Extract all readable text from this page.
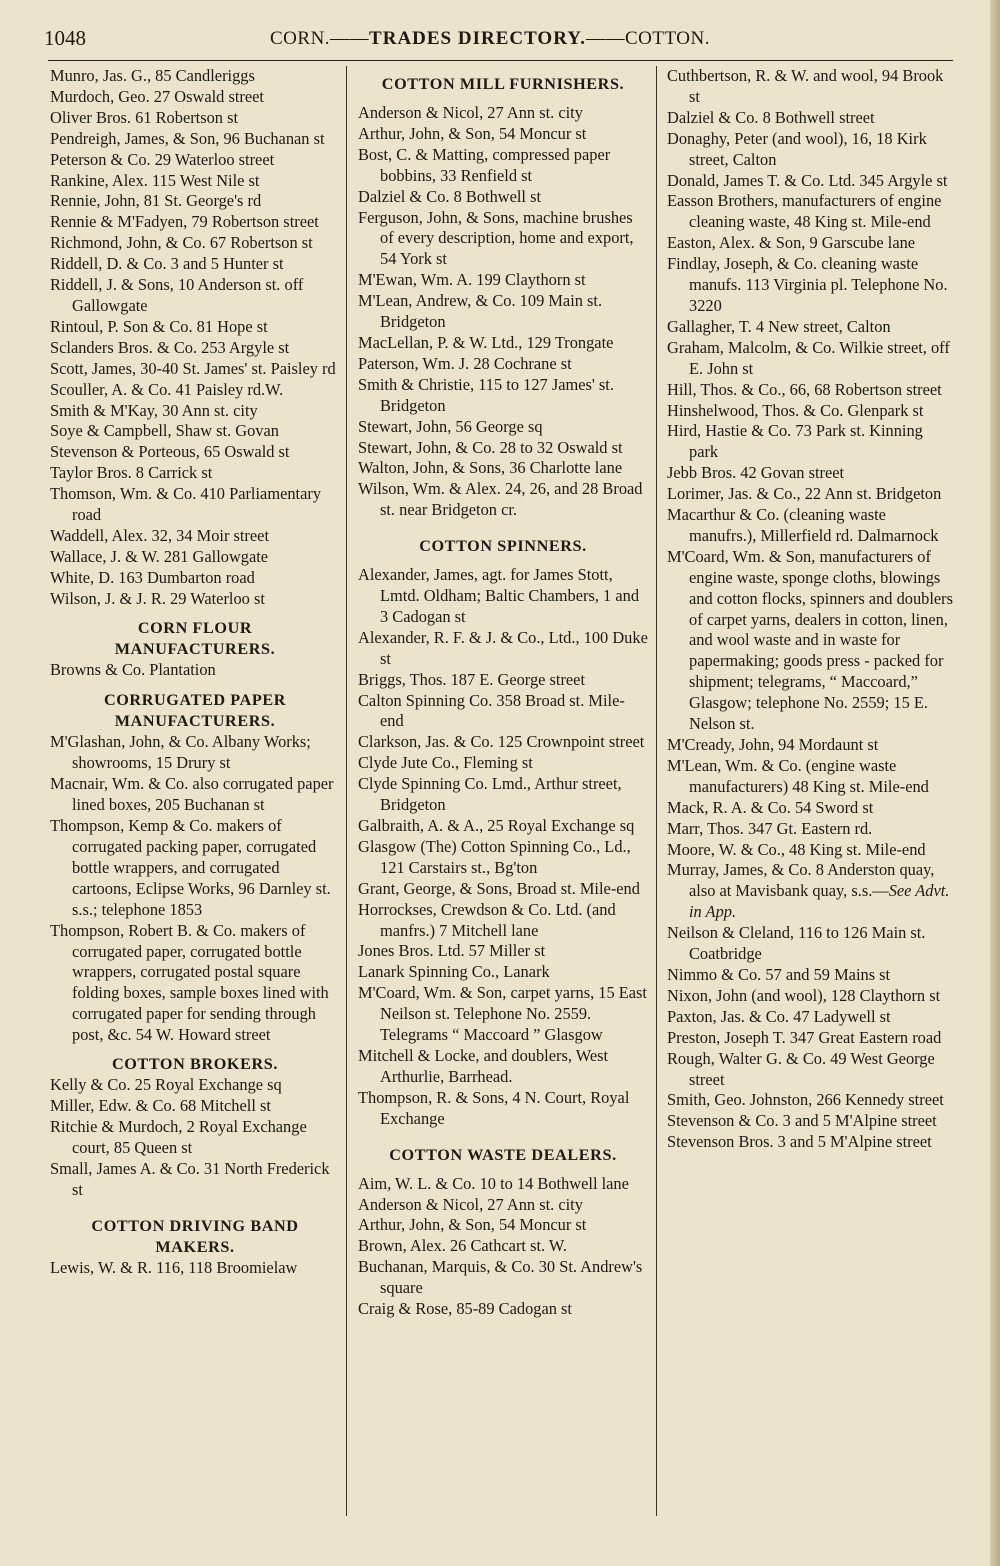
1048	CORN.——TRADES DIRECTORY.——COTTON.
Munro, Jas. G., 85 Candleriggs
Murdoch, Geo. 27 Oswald street
Oliver Bros. 61 Robertson st
Pendreigh, James, & Son, 96 Buchanan st
Peterson & Co. 29 Waterloo street
Rankine, Alex. 115 West Nile st
Rennie, John, 81 St. George's rd
Rennie & M'Fadyen, 79 Robertson street
Richmond, John, & Co. 67 Robertson st
Riddell, D. & Co. 3 and 5 Hunter st
Riddell, J. & Sons, 10 Anderson st. off Gallowgate
Rintoul, P. Son & Co. 81 Hope st
Sclanders Bros. & Co. 253 Argyle st
Scott, James, 30-40 St. James' st. Paisley rd
Scouller, A. & Co. 41 Paisley rd.W.
Smith & M'Kay, 30 Ann st. city
Soye & Campbell, Shaw st. Govan
Stevenson & Porteous, 65 Oswald st
Taylor Bros. 8 Carrick st
Thomson, Wm. & Co. 410 Parliamentary road
Waddell, Alex. 32, 34 Moir street
Wallace, J. & W. 281 Gallowgate
White, D. 163 Dumbarton road
Wilson, J. & J. R. 29 Waterloo st
CORN FLOUR
MANUFACTURERS.
Browns & Co. Plantation
CORRUGATED PAPER
MANUFACTURERS.
M'Glashan, John, & Co. Albany Works; showrooms, 15 Drury st
Macnair, Wm. & Co. also corrugated paper lined boxes, 205 Buchanan st
Thompson, Kemp & Co. makers of corrugated packing paper, corrugated bottle wrappers, and corrugated cartoons, Eclipse Works, 96 Darnley st. s.s.; telephone 1853
Thompson, Robert B. & Co. makers of corrugated paper, corrugated bottle wrappers, corrugated postal square folding boxes, sample boxes lined with corrugated paper for sending through post, &c. 54 W. Howard street
COTTON BROKERS.
Kelly & Co. 25 Royal Exchange sq
Miller, Edw. & Co. 68 Mitchell st
Ritchie & Murdoch, 2 Royal Exchange court, 85 Queen st
Small, James A. & Co. 31 North Frederick st
COTTON DRIVING BAND
MAKERS.
Lewis, W. & R. 116, 118 Broomielaw
COTTON MILL FURNISHERS.
Anderson & Nicol, 27 Ann st. city
Arthur, John, & Son, 54 Moncur st
Bost, C. & Matting, compressed paper bobbins, 33 Renfield st
Dalziel & Co. 8 Bothwell st
Ferguson, John, & Sons, machine brushes of every description, home and export, 54 York st
M'Ewan, Wm. A. 199 Claythorn st
M'Lean, Andrew, & Co. 109 Main st. Bridgeton
MacLellan, P. & W. Ltd., 129 Trongate
Paterson, Wm. J. 28 Cochrane st
Smith & Christie, 115 to 127 James' st. Bridgeton
Stewart, John, 56 George sq
Stewart, John, & Co. 28 to 32 Oswald st
Walton, John, & Sons, 36 Charlotte lane
Wilson, Wm. & Alex. 24, 26, and 28 Broad st. near Bridgeton cr.
COTTON SPINNERS.
Alexander, James, agt. for James Stott, Lmtd. Oldham; Baltic Chambers, 1 and 3 Cadogan st
Alexander, R. F. & J. & Co., Ltd., 100 Duke st
Briggs, Thos. 187 E. George street
Calton Spinning Co. 358 Broad st. Mile-end
Clarkson, Jas. & Co. 125 Crownpoint street
Clyde Jute Co., Fleming st
Clyde Spinning Co. Lmd., Arthur street, Bridgeton
Galbraith, A. & A., 25 Royal Exchange sq
Glasgow (The) Cotton Spinning Co., Ld., 121 Carstairs st., Bg'ton
Grant, George, & Sons, Broad st. Mile-end
Horrockses, Crewdson & Co. Ltd. (and manfrs.) 7 Mitchell lane
Jones Bros. Ltd. 57 Miller st
Lanark Spinning Co., Lanark
M'Coard, Wm. & Son, carpet yarns, 15 East Neilson st. Telephone No. 2559. Telegrams “ Maccoard ” Glasgow
Mitchell & Locke, and doublers, West Arthurlie, Barrhead.
Thompson, R. & Sons, 4 N. Court, Royal Exchange
COTTON WASTE DEALERS.
Aim, W. L. & Co. 10 to 14 Bothwell lane
Anderson & Nicol, 27 Ann st. city
Arthur, John, & Son, 54 Moncur st
Brown, Alex. 26 Cathcart st. W.
Buchanan, Marquis, & Co. 30 St. Andrew's square
Craig & Rose, 85-89 Cadogan st
Cuthbertson, R. & W. and wool, 94 Brook st
Dalziel & Co. 8 Bothwell street
Donaghy, Peter (and wool), 16, 18 Kirk street, Calton
Donald, James T. & Co. Ltd. 345 Argyle st
Easson Brothers, manufacturers of engine cleaning waste, 48 King st. Mile-end
Easton, Alex. & Son, 9 Garscube lane
Findlay, Joseph, & Co. cleaning waste manufs. 113 Virginia pl. Telephone No. 3220
Gallagher, T. 4 New street, Calton
Graham, Malcolm, & Co. Wilkie street, off E. John st
Hill, Thos. & Co., 66, 68 Robertson street
Hinshelwood, Thos. & Co. Glenpark st
Hird, Hastie & Co. 73 Park st. Kinning park
Jebb Bros. 42 Govan street
Lorimer, Jas. & Co., 22 Ann st. Bridgeton
Macarthur & Co. (cleaning waste manufrs.), Millerfield rd. Dalmarnock
M'Coard, Wm. & Son, manufacturers of engine waste, sponge cloths, blowings and cotton flocks, spinners and doublers of carpet yarns, dealers in cotton, linen, and wool waste and in waste for papermaking; goods press - packed for shipment; telegrams, “ Maccoard,” Glasgow; telephone No. 2559; 15 E. Nelson st.
M'Cready, John, 94 Mordaunt st
M'Lean, Wm. & Co. (engine waste manufacturers) 48 King st. Mile-end
Mack, R. A. & Co. 54 Sword st
Marr, Thos. 347 Gt. Eastern rd.
Moore, W. & Co., 48 King st. Mile-end
Murray, James, & Co. 8 Anderston quay, also at Mavisbank quay, s.s.—See Advt. in App.
Neilson & Cleland, 116 to 126 Main st. Coatbridge
Nimmo & Co. 57 and 59 Mains st
Nixon, John (and wool), 128 Claythorn st
Paxton, Jas. & Co. 47 Ladywell st
Preston, Joseph T. 347 Great Eastern road
Rough, Walter G. & Co. 49 West George street
Smith, Geo. Johnston, 266 Kennedy street
Stevenson & Co. 3 and 5 M'Alpine street
Stevenson Bros. 3 and 5 M'Alpine street
